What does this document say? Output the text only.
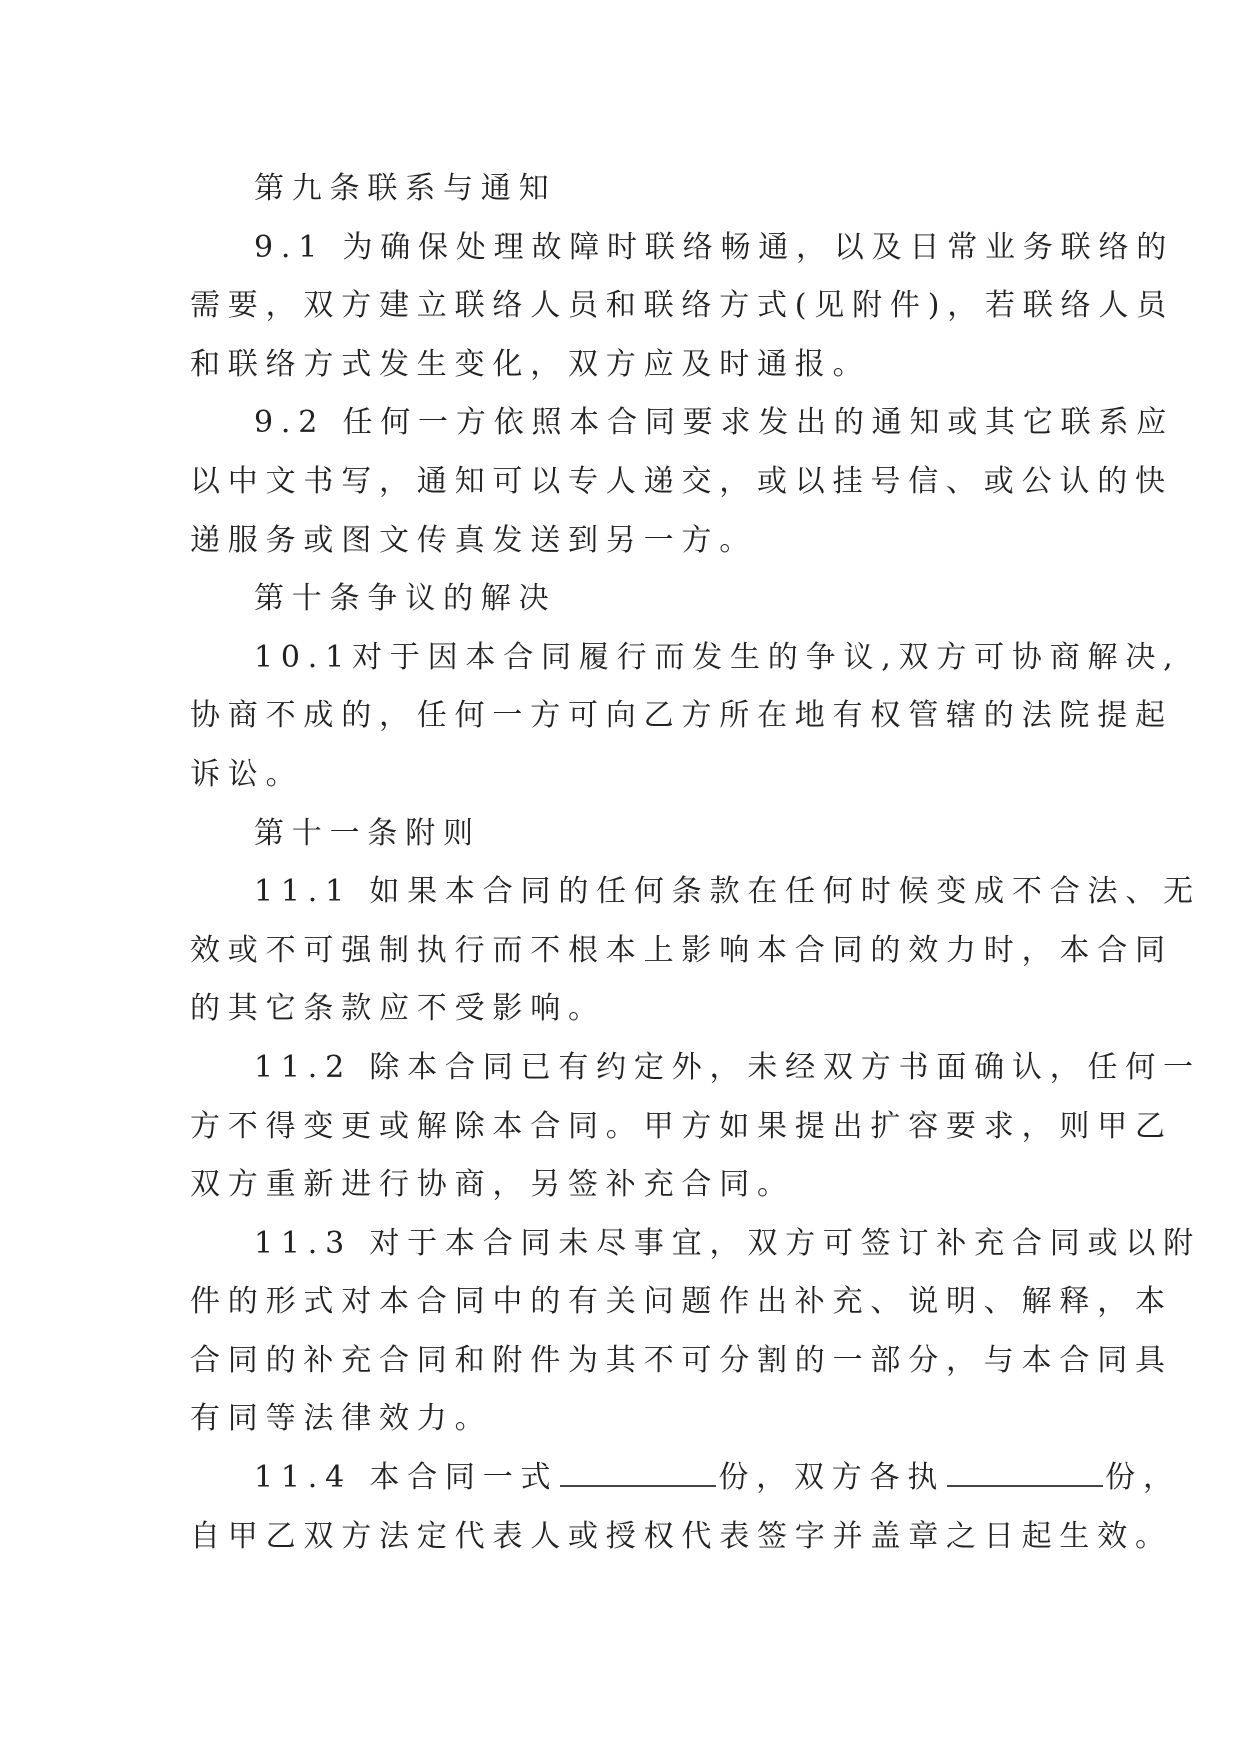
第九条联系与通知
9.1 为确保处理故障时联络畅通，以及日常业务联络的
需要，双方建立联络人员和联络方式(见附件)，若联络人员
和联络方式发生变化，双方应及时通报。
9.2 任何一方依照本合同要求发出的通知或其它联系应
以中文书写，通知可以专人递交，或以挂号信、或公认的快
递服务或图文传真发送到另一方。
第十条争议的解决
10.1对于因本合同履行而发生的争议,双方可协商解决,
协商不成的，任何一方可向乙方所在地有权管辖的法院提起
诉讼。
第十一条附则
11.1 如果本合同的任何条款在任何时候变成不合法、无
效或不可强制执行而不根本上影响本合同的效力时，本合同
的其它条款应不受影响。
11.2 除本合同已有约定外，未经双方书面确认，任何一
方不得变更或解除本合同。甲方如果提出扩容要求，则甲乙
双方重新进行协商，另签补充合同。
11.3 对于本合同未尽事宜，双方可签订补充合同或以附
件的形式对本合同中的有关问题作出补充、说明、解释，本
合同的补充合同和附件为其不可分割的一部分，与本合同具
有同等法律效力。
11.4 本合同一式	份，双方各执	份，
自甲乙双方法定代表人或授权代表签字并盖章之日起生效。
